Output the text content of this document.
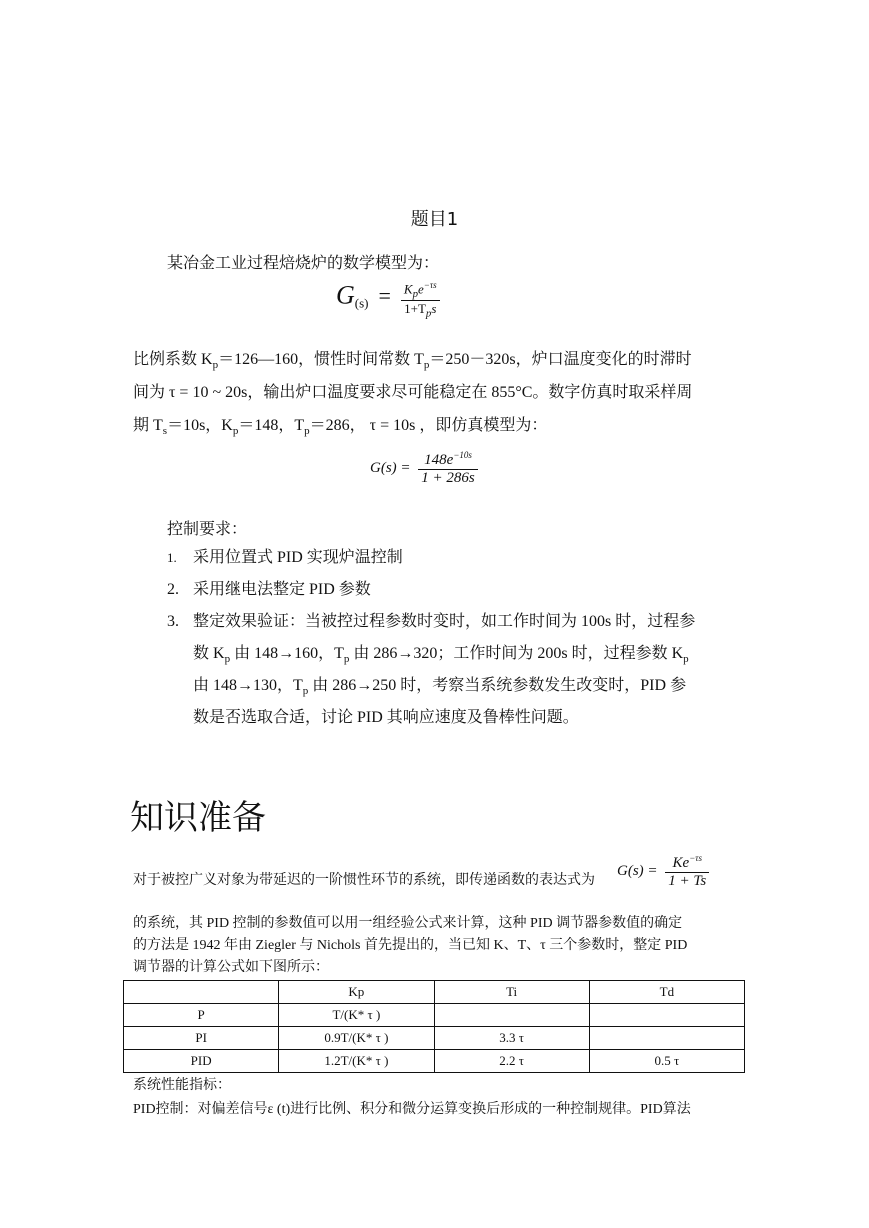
题目1
某冶金工业过程焙烧炉的数学模型为：
$G_{(s)} = \frac{K_pe^{-\tau s}}{1+T_ps}$
比例系数 $K_p=126—160$，惯性时间常数 $T_p=250-320s$，炉口温度变化的时滞时
间为 τ = 10 ~ 20s，输出炉口温度要求尽可能稳定在 855°C。数字仿真时取采样周
期 $T_s=10s$，$K_p=148$，$T_p=286$， τ = 10s ，即仿真模型为：
$G(s) = \frac{148e^{-10s}}{1 + 286s}$
控制要求：
1. 采用位置式 PID 实现炉温控制
2. 采用继电法整定 PID 参数
3. 整定效果验证：当被控过程参数时变时，如工作时间为 100s 时，过程参
数 $K_p$ 由 148→160，$T_p$ 由 286→320；工作时间为 200s 时，过程参数 $K_p$
由 148→130，$T_p$ 由 286→250 时，考察当系统参数发生改变时，PID 参
数是否选取合适，讨论 PID 其响应速度及鲁棒性问题。
知识准备
对于被控广义对象为带延迟的一阶惯性环节的系统，即传递函数的表达式为
$G(s) = \frac{Ke^{-\tau s}}{1 + Ts}$
的系统，其 PID 控制的参数值可以用一组经验公式来计算，这种 PID 调节器参数值的确定
的方法是 1942 年由 Ziegler 与 Nichols 首先提出的，当已知 K、T、τ 三个参数时，整定 PID
调节器的计算公式如下图所示：
	Kp	Ti	Td
P	T/(K* τ )		
PI	0.9T/(K* τ )	3.3 τ	
PID	1.2T/(K* τ )	2.2 τ	0.5 τ
系统性能指标：
PID控制：对偏差信号ε (t)进行比例、积分和微分运算变换后形成的一种控制规律。PID算法
